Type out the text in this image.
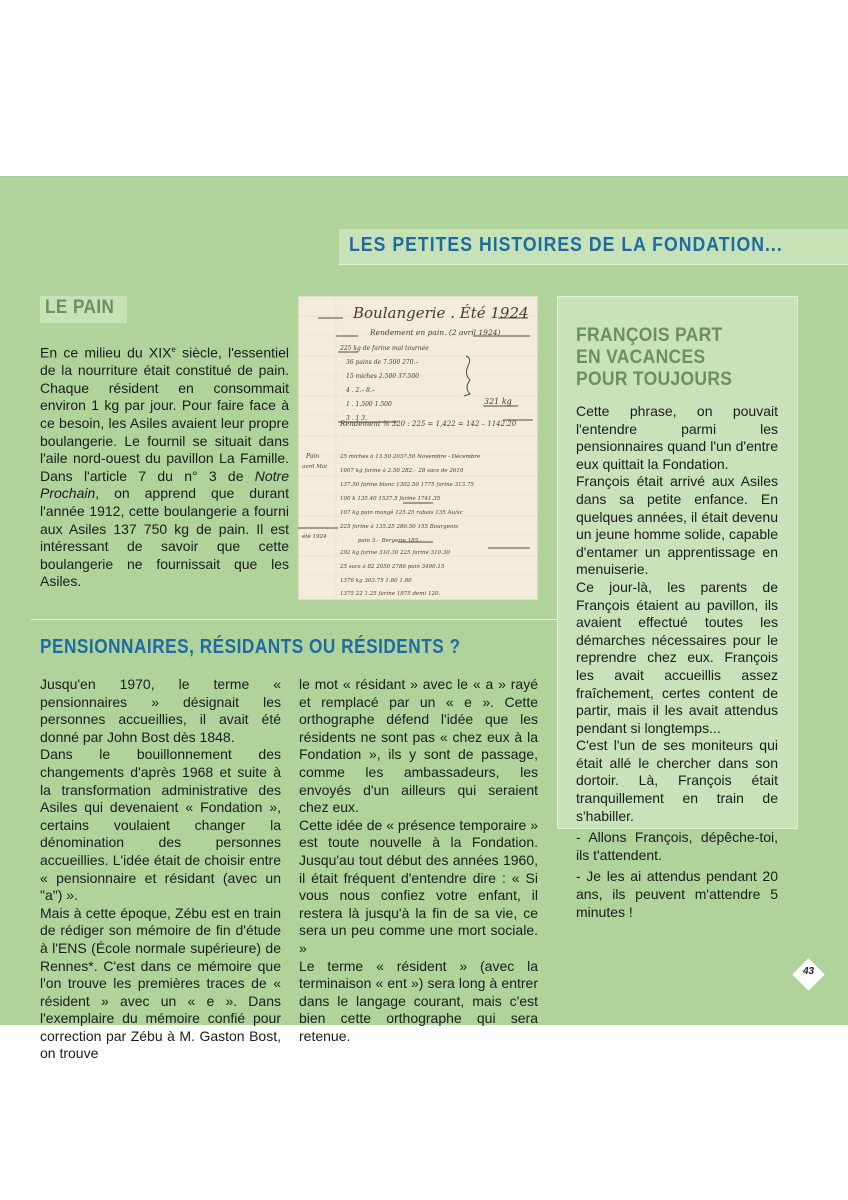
LES PETITES HISTOIRES DE LA FONDATION...
LE PAIN
En ce milieu du XIXe siècle, l'essentiel de la nourriture était constitué de pain. Chaque résident en consommait environ 1 kg par jour. Pour faire face à ce besoin, les Asiles avaient leur propre boulangerie. Le fournil se situait dans l'aile nord-ouest du pavillon La Famille. Dans l'article 7 du n° 3 de Notre Prochain, on apprend que durant l'année 1912, cette boulangerie a fourni aux Asiles 137 750 kg de pain. Il est intéressant de savoir que cette boulangerie ne fournissait que les Asiles.
Boulangerie . Été 1924
Rendement en pain. (2 avril 1924)
225 kg de farine mal tournée
36 pains de 7.500 270.–
15 miches 2.500 37.500
4 . 2.– 8.–
1 . 1.500 1.500
3 . 1 3.
321 kg
Rendement % 320 : 225 = 1,422 = 142 – 1142.20
Pain
avril Mai
25 miches à 13.50 2037.50 Novembre - Décembre
1007 kg farine à 2.50 282.– 28 sacs de 2610
137.50 farine blanc 1302.50 1775 farine 313.75
100 k 135.40 1537.5 farine 1741.35
107 kg pain mangé 125.25 rabais 135 Au/sc
225 farine à 135.25 286.50 155 Bourgeois
pain 3.– Bergerie 185.–
292 kg farine 310.30 225 farine 310.30
été 1924
25 sacs à 82 2050 2786 pain 3490.15
1376 kg 303.75 1.80 1.80
1375 22 1.25 farine 1975 demi 120.
PENSIONNAIRES, RÉSIDANTS OU RÉSIDENTS ?

Jusqu'en 1970, le terme « pensionnaires » désignait les personnes accueillies, il avait été donné par John Bost dès 1848.

Dans le bouillonnement des changements d'après 1968 et suite à la transformation administrative des Asiles qui devenaient « Fondation », certains voulaient changer la dénomination des personnes accueillies. L'idée était de choisir entre « pensionnaire et résidant (avec un "a") ».

Mais à cette époque, Zébu est en train de rédiger son mémoire de fin d'étude à l'ENS (École normale supérieure) de Rennes*. C'est dans ce mémoire que l'on trouve les premières traces de « résident » avec un « e ». Dans l'exemplaire du mémoire confié pour correction par Zébu à M. Gaston Bost, on trouve

le mot « résidant » avec le « a » rayé et remplacé par un « e ». Cette orthographe défend l'idée que les résidents ne sont pas « chez eux à la Fondation », ils y sont de passage, comme les ambassadeurs, les envoyés d'un ailleurs qui seraient chez eux.

Cette idée de « présence temporaire » est toute nouvelle à la Fondation. Jusqu'au tout début des années 1960, il était fréquent d'entendre dire : « Si vous nous confiez votre enfant, il restera là jusqu'à la fin de sa vie, ce sera un peu comme une mort sociale. »

Le terme « résident » (avec la terminaison « ent ») sera long à entrer dans le langage courant, mais c'est bien cette orthographe qui sera retenue.

FRANÇOIS PART
EN VACANCES
POUR TOUJOURS

Cette phrase, on pouvait l'entendre parmi les pensionnaires quand l'un d'entre eux quittait la Fondation.

François était arrivé aux Asiles dans sa petite enfance. En quelques années, il était devenu un jeune homme solide, capable d'entamer un apprentissage en menuiserie.

Ce jour-là, les parents de François étaient au pavillon, ils avaient effectué toutes les démarches nécessaires pour le reprendre chez eux. François les avait accueillis assez fraîchement, certes content de partir, mais il les avait attendus pendant si longtemps...

C'est l'un de ses moniteurs qui était allé le chercher dans son dortoir. Là, François était tranquillement en train de s'habiller.

- Allons François, dépêche-toi, ils t'attendent.

- Je les ai attendus pendant 20 ans, ils peuvent m'attendre 5 minutes !

43
